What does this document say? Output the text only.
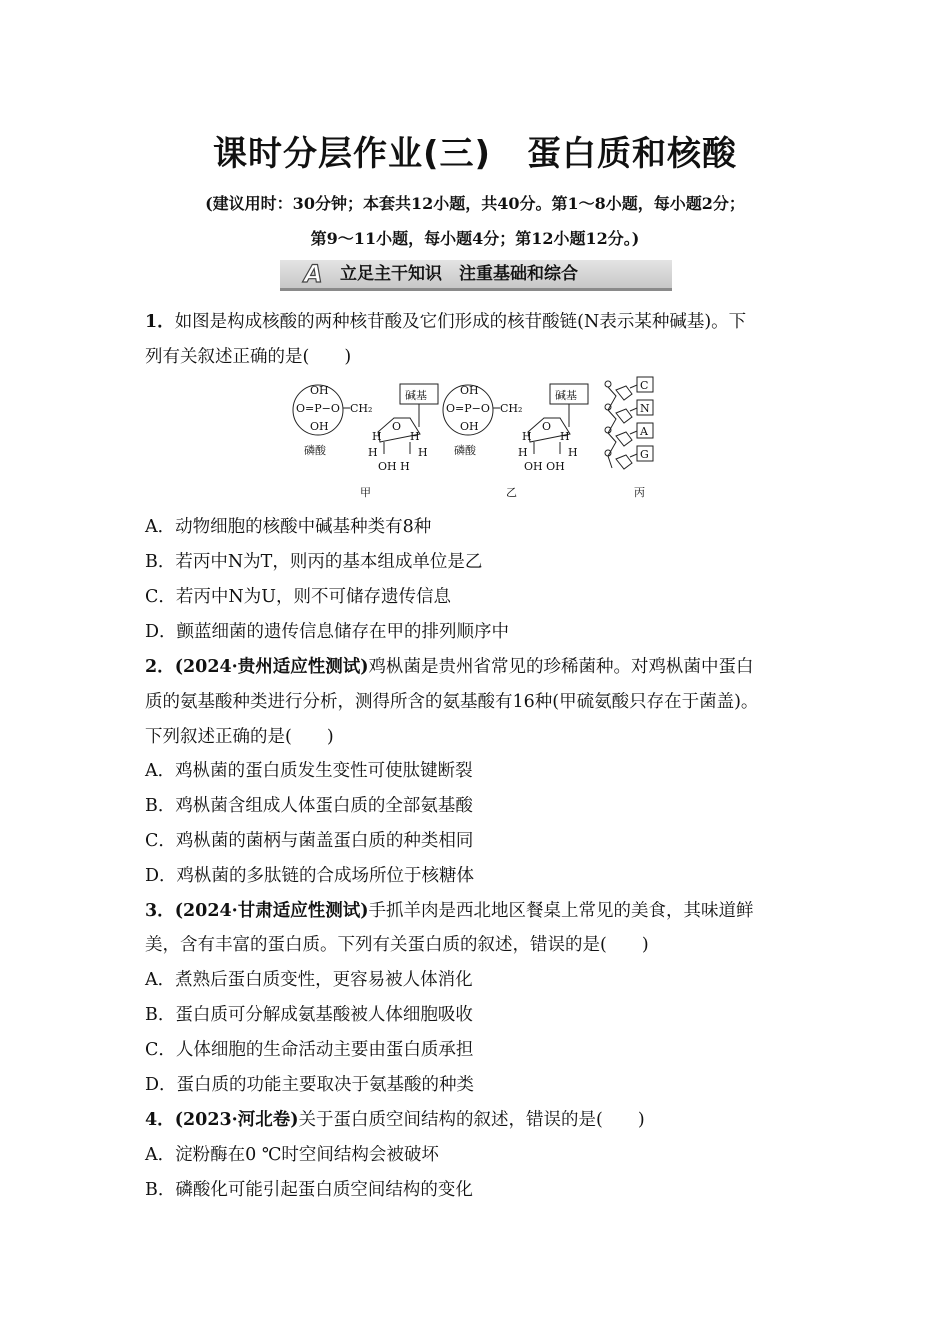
课时分层作业(三) 蛋白质和核酸
(建议用时：30分钟；本套共12小题，共40分。第1～8小题，每小题2分；
第9～11小题，每小题4分；第12小题12分。)
A 立足主干知识　注重基础和综合
1．如图是构成核酸的两种核苷酸及它们形成的核苷酸链(N表示某种碱基)。下
列有关叙述正确的是(　　)
OH
O=P−O
OH
磷酸
CH₂
碱基
O
H	H
H	H
OH H
甲
OH
O=P−O
OH
磷酸
CH₂
碱基
O
H	H
H	H
OH OH
乙
C
N
A
G
丙
A．动物细胞的核酸中碱基种类有8种
B．若丙中N为T，则丙的基本组成单位是乙
C．若丙中N为U，则不可储存遗传信息
D．颤蓝细菌的遗传信息储存在甲的排列顺序中
2．(2024·贵州适应性测试)鸡枞菌是贵州省常见的珍稀菌种。对鸡枞菌中蛋白
质的氨基酸种类进行分析，测得所含的氨基酸有16种(甲硫氨酸只存在于菌盖)。
下列叙述正确的是(　　)
A．鸡枞菌的蛋白质发生变性可使肽键断裂
B．鸡枞菌含组成人体蛋白质的全部氨基酸
C．鸡枞菌的菌柄与菌盖蛋白质的种类相同
D．鸡枞菌的多肽链的合成场所位于核糖体
3．(2024·甘肃适应性测试)手抓羊肉是西北地区餐桌上常见的美食，其味道鲜
美，含有丰富的蛋白质。下列有关蛋白质的叙述，错误的是(　　)
A．煮熟后蛋白质变性，更容易被人体消化
B．蛋白质可分解成氨基酸被人体细胞吸收
C．人体细胞的生命活动主要由蛋白质承担
D．蛋白质的功能主要取决于氨基酸的种类
4．(2023·河北卷)关于蛋白质空间结构的叙述，错误的是(　　)
A．淀粉酶在0 ℃时空间结构会被破坏
B．磷酸化可能引起蛋白质空间结构的变化
